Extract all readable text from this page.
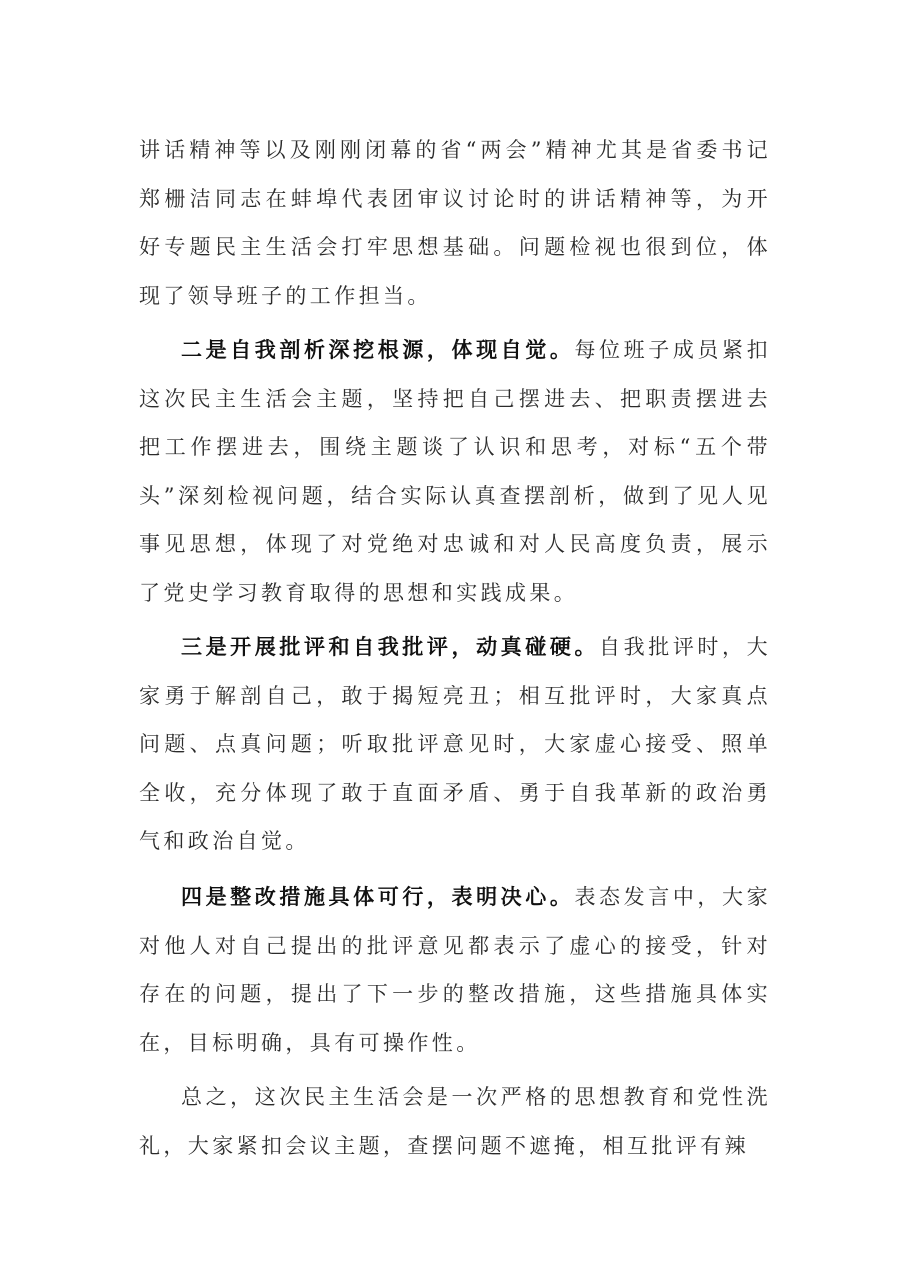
讲话精神等以及刚刚闭幕的省“两会”精神尤其是省委书记郑栅洁同志在蚌埠代表团审议讨论时的讲话精神等，为开好专题民主生活会打牢思想基础。问题检视也很到位，体现了领导班子的工作担当。

二是自我剖析深挖根源，体现自觉。每位班子成员紧扣这次民主生活会主题，坚持把自己摆进去、把职责摆进去把工作摆进去，围绕主题谈了认识和思考，对标“五个带头”深刻检视问题，结合实际认真查摆剖析，做到了见人见事见思想，体现了对党绝对忠诚和对人民高度负责，展示了党史学习教育取得的思想和实践成果。

三是开展批评和自我批评，动真碰硬。自我批评时，大家勇于解剖自己，敢于揭短亮丑；相互批评时，大家真点问题、点真问题；听取批评意见时，大家虚心接受、照单全收，充分体现了敢于直面矛盾、勇于自我革新的政治勇气和政治自觉。

四是整改措施具体可行，表明决心。表态发言中，大家对他人对自己提出的批评意见都表示了虚心的接受，针对存在的问题，提出了下一步的整改措施，这些措施具体实在，目标明确，具有可操作性。

总之，这次民主生活会是一次严格的思想教育和党性洗礼，大家紧扣会议主题，查摆问题不遮掩，相互批评有辣
